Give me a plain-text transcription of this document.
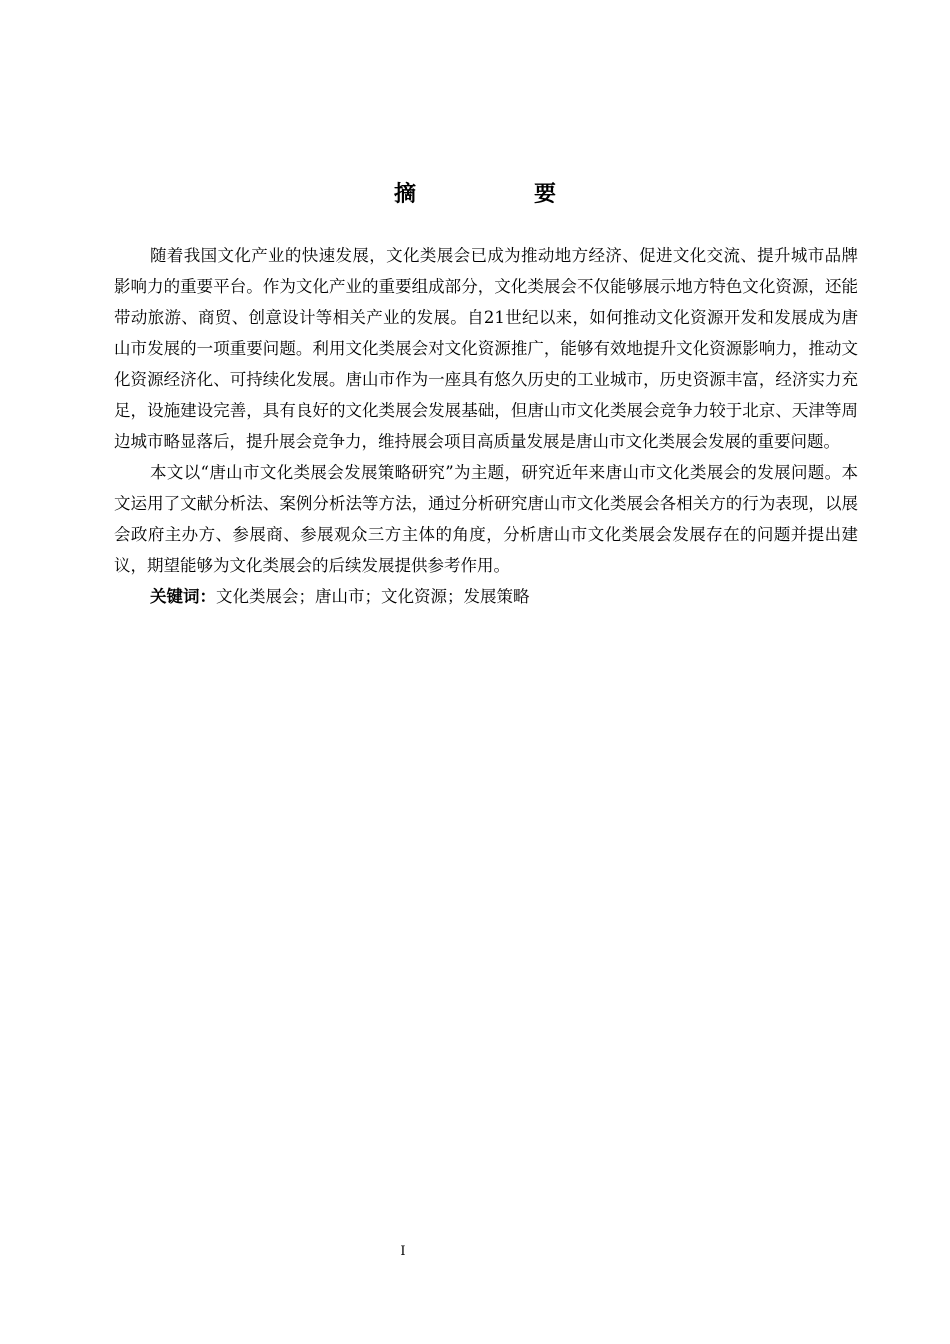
摘　要

随着我国文化产业的快速发展，文化类展会已成为推动地方经济、促进文化交流、提升城市品牌影响力的重要平台。作为文化产业的重要组成部分，文化类展会不仅能够展示地方特色文化资源，还能带动旅游、商贸、创意设计等相关产业的发展。自21世纪以来，如何推动文化资源开发和发展成为唐山市发展的一项重要问题。利用文化类展会对文化资源推广，能够有效地提升文化资源影响力，推动文化资源经济化、可持续化发展。唐山市作为一座具有悠久历史的工业城市，历史资源丰富，经济实力充足，设施建设完善，具有良好的文化类展会发展基础，但唐山市文化类展会竞争力较于北京、天津等周边城市略显落后，提升展会竞争力，维持展会项目高质量发展是唐山市文化类展会发展的重要问题。

本文以“唐山市文化类展会发展策略研究”为主题，研究近年来唐山市文化类展会的发展问题。本文运用了文献分析法、案例分析法等方法，通过分析研究唐山市文化类展会各相关方的行为表现，以展会政府主办方、参展商、参展观众三方主体的角度，分析唐山市文化类展会发展存在的问题并提出建议，期望能够为文化类展会的后续发展提供参考作用。

关键词：文化类展会；唐山市；文化资源；发展策略

I
